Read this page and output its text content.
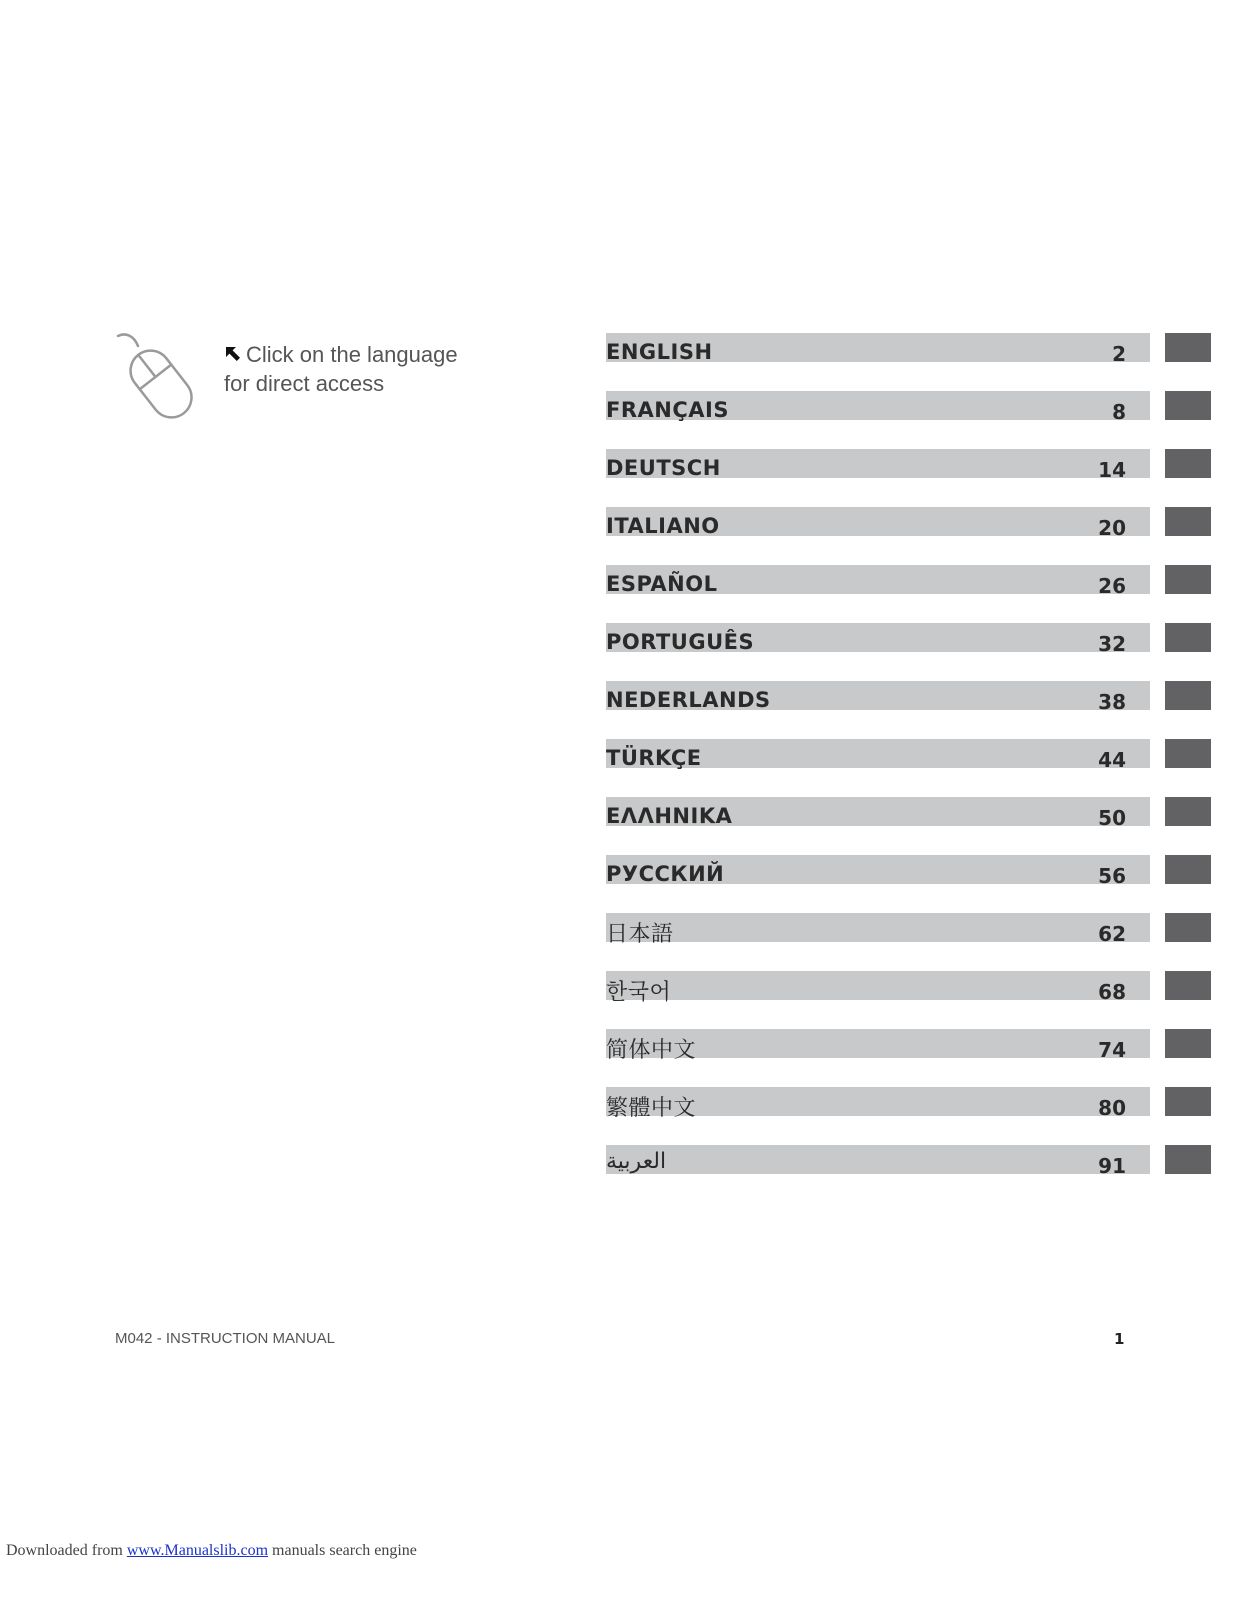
Click on the language
for direct access
ENGLISH	2
FRANÇAIS	8
DEUTSCH	14
ITALIANO	20
ESPAÑOL	26
PORTUGUÊS	32
NEDERLANDS	38
TÜRKÇE	44
ΕΛΛΗΝΙΚΑ	50
РУССКИЙ	56
日本語	62
한국어	68
简体中文	74
繁體中文	80
العربية	91
M042 - INSTRUCTION MANUAL	1
Downloaded from www.Manualslib.com manuals search engine
